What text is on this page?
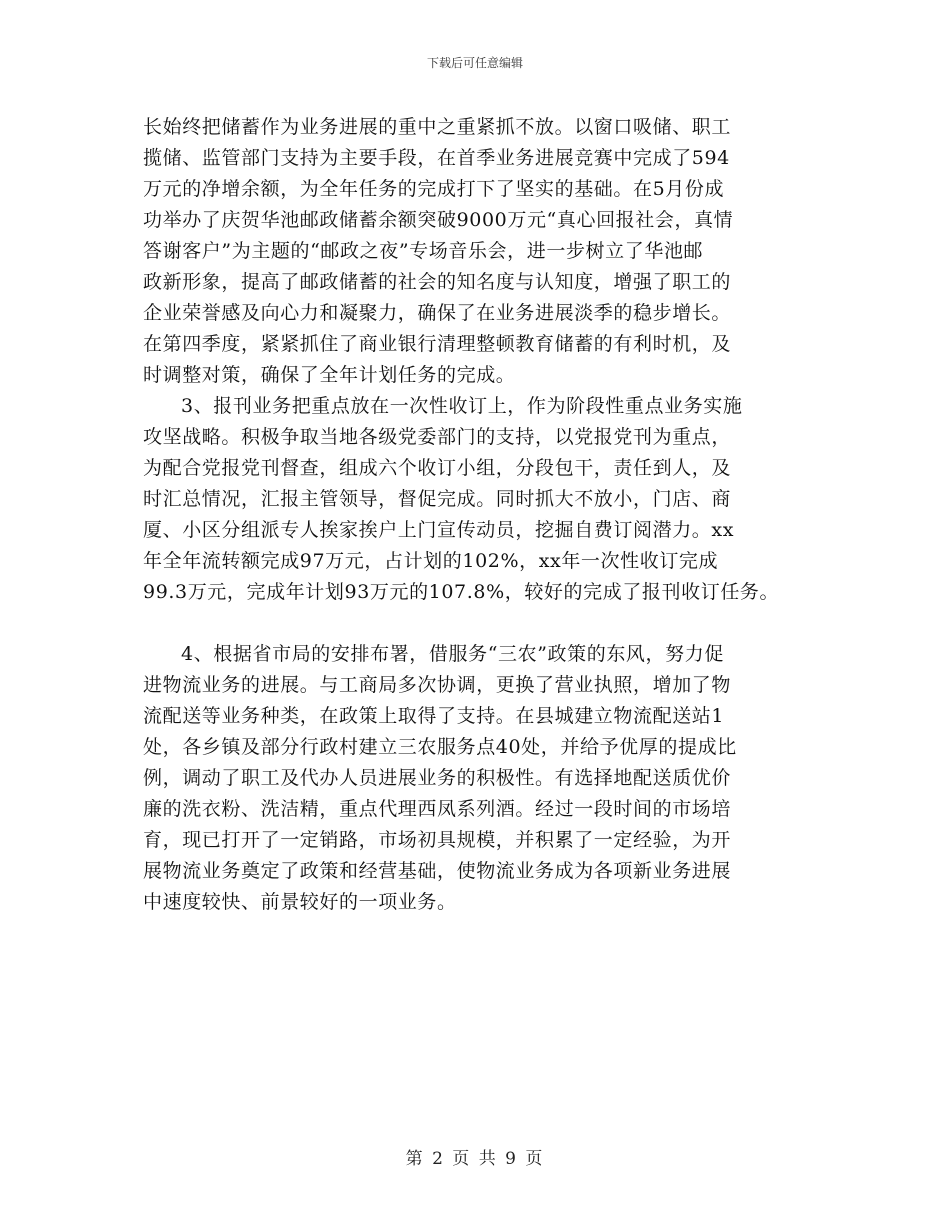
下载后可任意编辑
长始终把储蓄作为业务进展的重中之重紧抓不放。以窗口吸储、职工
揽储、监管部门支持为主要手段，在首季业务进展竞赛中完成了594
万元的净增余额，为全年任务的完成打下了坚实的基础。在5月份成
功举办了庆贺华池邮政储蓄余额突破9000万元“真心回报社会，真情
答谢客户”为主题的“邮政之夜”专场音乐会，进一步树立了华池邮
政新形象，提高了邮政储蓄的社会的知名度与认知度，增强了职工的
企业荣誉感及向心力和凝聚力，确保了在业务进展淡季的稳步增长。
在第四季度，紧紧抓住了商业银行清理整顿教育储蓄的有利时机，及
时调整对策，确保了全年计划任务的完成。
3、报刊业务把重点放在一次性收订上，作为阶段性重点业务实施
攻坚战略。积极争取当地各级党委部门的支持，以党报党刊为重点，
为配合党报党刊督查，组成六个收订小组，分段包干，责任到人，及
时汇总情况，汇报主管领导，督促完成。同时抓大不放小，门店、商
厦、小区分组派专人挨家挨户上门宣传动员，挖掘自费订阅潜力。xx
年全年流转额完成97万元，占计划的102%，xx年一次性收订完成
99.3万元，完成年计划93万元的107.8%，较好的完成了报刊收订任务。
4、根据省市局的安排布署，借服务“三农”政策的东风，努力促
进物流业务的进展。与工商局多次协调，更换了营业执照，增加了物
流配送等业务种类，在政策上取得了支持。在县城建立物流配送站1
处，各乡镇及部分行政村建立三农服务点40处，并给予优厚的提成比
例，调动了职工及代办人员进展业务的积极性。有选择地配送质优价
廉的洗衣粉、洗洁精，重点代理西凤系列酒。经过一段时间的市场培
育，现已打开了一定销路，市场初具规模，并积累了一定经验，为开
展物流业务奠定了政策和经营基础，使物流业务成为各项新业务进展
中速度较快、前景较好的一项业务。
第 2 页 共 9 页
